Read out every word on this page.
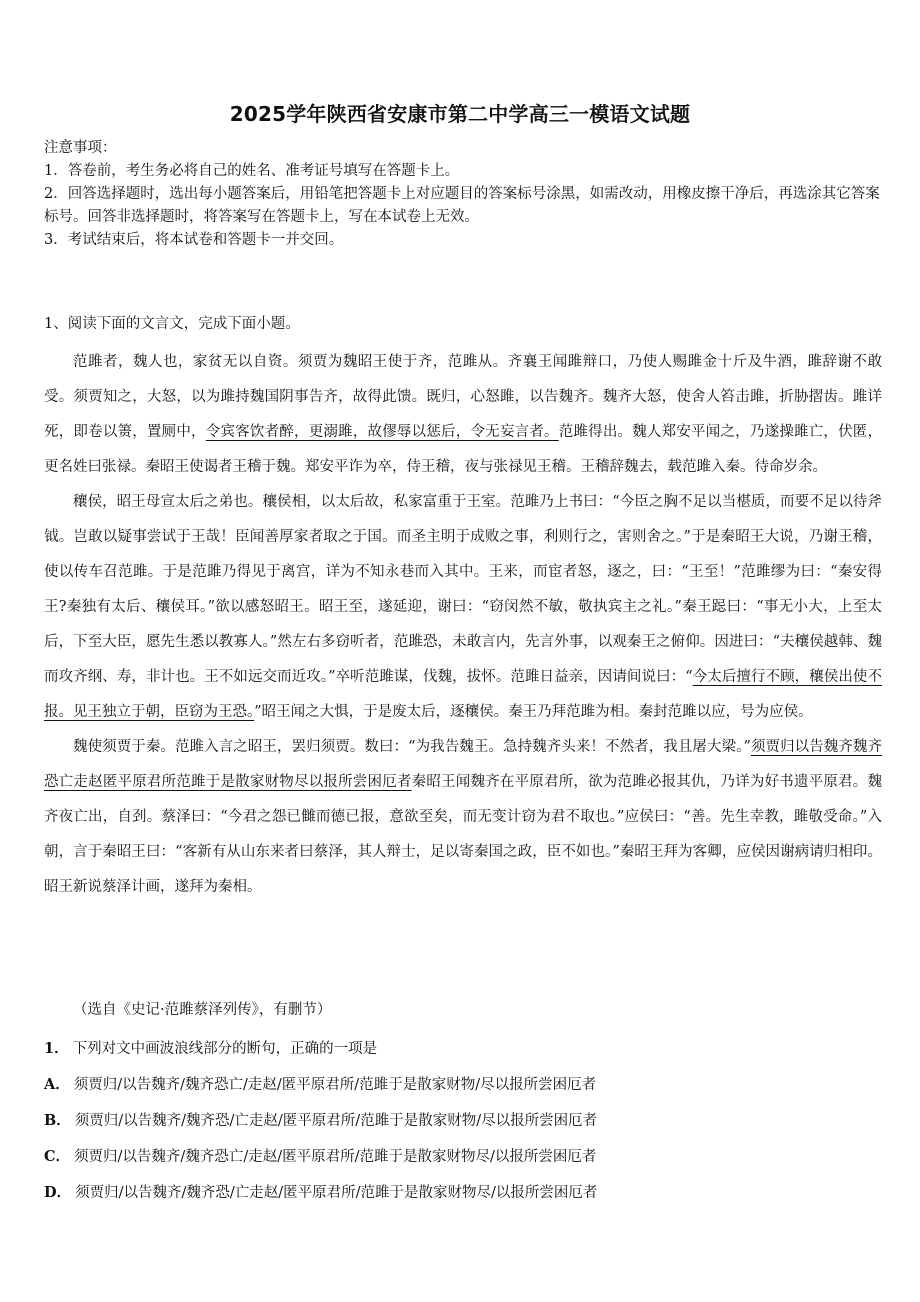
2025学年陕西省安康市第二中学高三一模语文试题

注意事项：

1．答卷前，考生务必将自己的姓名、准考证号填写在答题卡上。

2．回答选择题时，选出每小题答案后，用铅笔把答题卡上对应题目的答案标号涂黑，如需改动，用橡皮擦干净后，再选涂其它答案标号。回答非选择题时，将答案写在答题卡上，写在本试卷上无效。

3．考试结束后，将本试卷和答题卡一并交回。

1、阅读下面的文言文，完成下面小题。

范雎者，魏人也，家贫无以自资。须贾为魏昭王使于齐，范雎从。齐襄王闻雎辩口，乃使人赐雎金十斤及牛酒，雎辞谢不敢受。须贾知之，大怒，以为雎持魏国阴事告齐，故得此馈。既归，心怒雎，以告魏齐。魏齐大怒，使舍人笞击雎，折胁摺齿。雎详死，即卷以箦，置厕中，令宾客饮者醉，更溺雎，故僇辱以惩后，令无妄言者。范雎得出。魏人郑安平闻之，乃遂操雎亡，伏匿，更名姓曰张禄。秦昭王使谒者王稽于魏。郑安平诈为卒，侍王稽，夜与张禄见王稽。王稽辞魏去，载范雎入秦。待命岁余。

穰侯，昭王母宣太后之弟也。穰侯相，以太后故，私家富重于王室。范雎乃上书曰：“今臣之胸不足以当椹质，而要不足以待斧钺。岂敢以疑事尝试于王哉！臣闻善厚家者取之于国。而圣主明于成败之事，利则行之，害则舍之。”于是秦昭王大说，乃谢王稽，使以传车召范雎。于是范雎乃得见于离宫，详为不知永巷而入其中。王来，而宦者怒，逐之，曰：“王至！”范雎缪为曰：“秦安得王?秦独有太后、穰侯耳。”欲以感怒昭王。昭王至，遂延迎，谢曰：“窃闵然不敏，敬执宾主之礼。”秦王跽曰：“事无小大，上至太后，下至大臣，愿先生悉以教寡人。”然左右多窃听者，范雎恐，未敢言内，先言外事，以观秦王之俯仰。因进曰：“夫穰侯越韩、魏而攻齐纲、寿，非计也。王不如远交而近攻。”卒听范雎谋，伐魏，拔怀。范雎日益亲，因请间说曰：“今太后擅行不顾，穰侯出使不报。见王独立于朝，臣窃为王恐。”昭王闻之大惧，于是废太后，逐穰侯。秦王乃拜范雎为相。秦封范雎以应，号为应侯。

魏使须贾于秦。范雎入言之昭王，罢归须贾。数曰：“为我告魏王。急持魏齐头来！不然者，我且屠大梁。”须贾归以告魏齐魏齐恐亡走赵匿平原君所范雎于是散家财物尽以报所尝困厄者秦昭王闻魏齐在平原君所，欲为范雎必报其仇，乃详为好书遗平原君。魏齐夜亡出，自刭。蔡泽曰：“今君之怨已雠而德已报，意欲至矣，而无变计窃为君不取也。”应侯曰：“善。先生幸教，雎敬受命。”入朝，言于秦昭王曰：“客新有从山东来者曰蔡泽，其人辩士，足以寄秦国之政，臣不如也。”秦昭王拜为客卿，应侯因谢病请归相印。昭王新说蔡泽计画，遂拜为秦相。

（选自《史记·范雎蔡泽列传》，有删节）

1． 下列对文中画波浪线部分的断句，正确的一项是

A． 须贾归/以告魏齐/魏齐恐亡/走赵/匿平原君所/范雎于是散家财物/尽以报所尝困厄者

B． 须贾归/以告魏齐/魏齐恐/亡走赵/匿平原君所/范雎于是散家财物/尽以报所尝困厄者

C． 须贾归/以告魏齐/魏齐恐亡/走赵/匿平原君所/范雎于是散家财物尽/以报所尝困厄者

D． 须贾归/以告魏齐/魏齐恐/亡走赵/匿平原君所/范雎于是散家财物尽/以报所尝困厄者
